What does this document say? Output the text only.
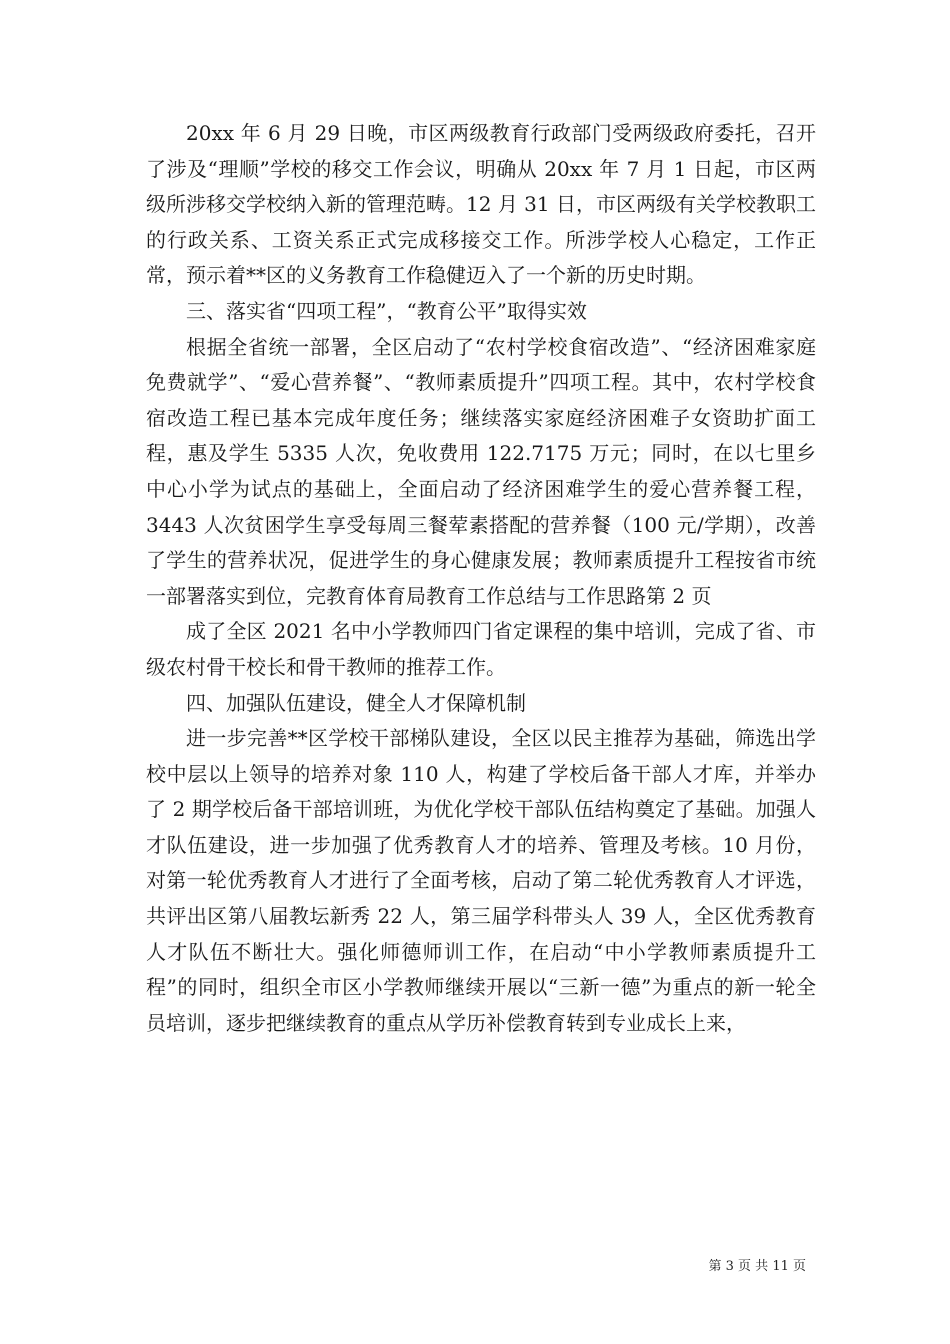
20xx 年 6 月 29 日晚，市区两级教育行政部门受两级政府委托，召开了涉及“理顺”学校的移交工作会议，明确从 20xx 年 7 月 1 日起，市区两级所涉移交学校纳入新的管理范畴。12 月 31 日，市区两级有关学校教职工的行政关系、工资关系正式完成移接交工作。所涉学校人心稳定，工作正常，预示着**区的义务教育工作稳健迈入了一个新的历史时期。

三、落实省“四项工程”，“教育公平”取得实效

根据全省统一部署，全区启动了“农村学校食宿改造”、“经济困难家庭免费就学”、“爱心营养餐”、“教师素质提升”四项工程。其中，农村学校食宿改造工程已基本完成年度任务；继续落实家庭经济困难子女资助扩面工程，惠及学生 5335 人次，免收费用 122.7175 万元；同时，在以七里乡中心小学为试点的基础上，全面启动了经济困难学生的爱心营养餐工程，3443 人次贫困学生享受每周三餐荤素搭配的营养餐（100 元/学期），改善了学生的营养状况，促进学生的身心健康发展；教师素质提升工程按省市统一部署落实到位，完教育体育局教育工作总结与工作思路第 2 页

成了全区 2021 名中小学教师四门省定课程的集中培训，完成了省、市级农村骨干校长和骨干教师的推荐工作。

四、加强队伍建设，健全人才保障机制

进一步完善**区学校干部梯队建设，全区以民主推荐为基础，筛选出学校中层以上领导的培养对象 110 人，构建了学校后备干部人才库，并举办了 2 期学校后备干部培训班，为优化学校干部队伍结构奠定了基础。加强人才队伍建设，进一步加强了优秀教育人才的培养、管理及考核。10 月份，对第一轮优秀教育人才进行了全面考核，启动了第二轮优秀教育人才评选，共评出区第八届教坛新秀 22 人，第三届学科带头人 39 人，全区优秀教育人才队伍不断壮大。强化师德师训工作，在启动“中小学教师素质提升工程”的同时，组织全市区小学教师继续开展以“三新一德”为重点的新一轮全员培训，逐步把继续教育的重点从学历补偿教育转到专业成长上来，

第 3 页 共 11 页
